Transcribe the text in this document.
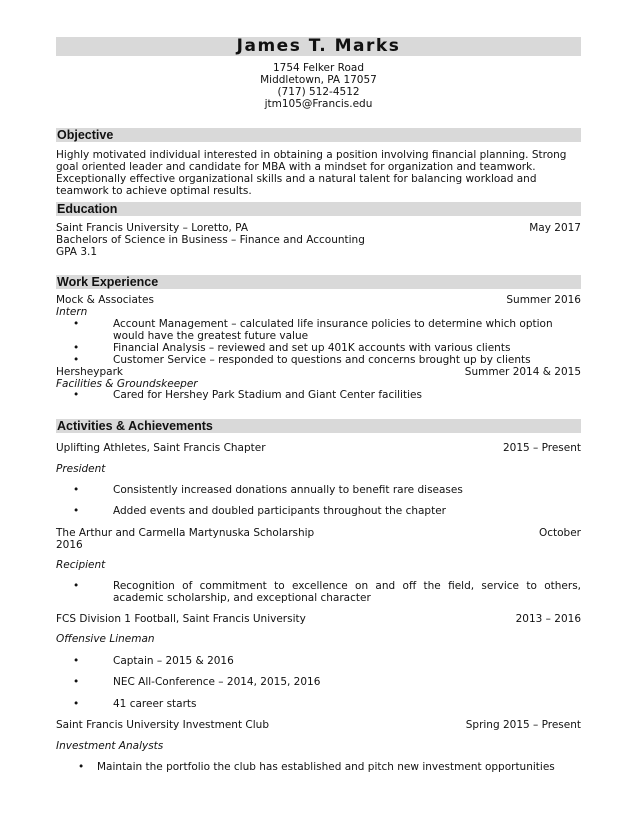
James T. Marks
1754 Felker Road
Middletown, PA 17057
(717) 512-4512
jtm105@Francis.edu
Objective
Highly motivated individual interested in obtaining a position involving financial planning. Strong goal oriented leader and candidate for MBA with a mindset for organization and teamwork. Exceptionally effective organizational skills and a natural talent for balancing workload and teamwork to achieve optimal results.
Education
Saint Francis University – Loretto, PA	May 2017
Bachelors of Science in Business – Finance and Accounting
GPA 3.1
Work Experience
Mock & Associates	Summer 2016
Intern
•	Account Management – calculated life insurance policies to determine which option would have the greatest future value
•	Financial Analysis – reviewed and set up 401K accounts with various clients
•	Customer Service – responded to questions and concerns brought up by clients
Hersheypark	Summer 2014 & 2015
Facilities & Groundskeeper
•	Cared for Hershey Park Stadium and Giant Center facilities
Activities & Achievements
Uplifting Athletes, Saint Francis Chapter	2015 – Present
President
•	Consistently increased donations annually to benefit rare diseases
•	Added events and doubled participants throughout the chapter
The Arthur and Carmella Martynuska Scholarship	October
2016
Recipient
•	Recognition of commitment to excellence on and off the field, service to others, academic scholarship, and exceptional character
FCS Division 1 Football, Saint Francis University	2013 – 2016
Offensive Lineman
•	Captain – 2015 & 2016
•	NEC All-Conference – 2014, 2015, 2016
•	41 career starts
Saint Francis University Investment Club	Spring 2015 – Present
Investment Analysts
• Maintain the portfolio the club has established and pitch new investment opportunities
